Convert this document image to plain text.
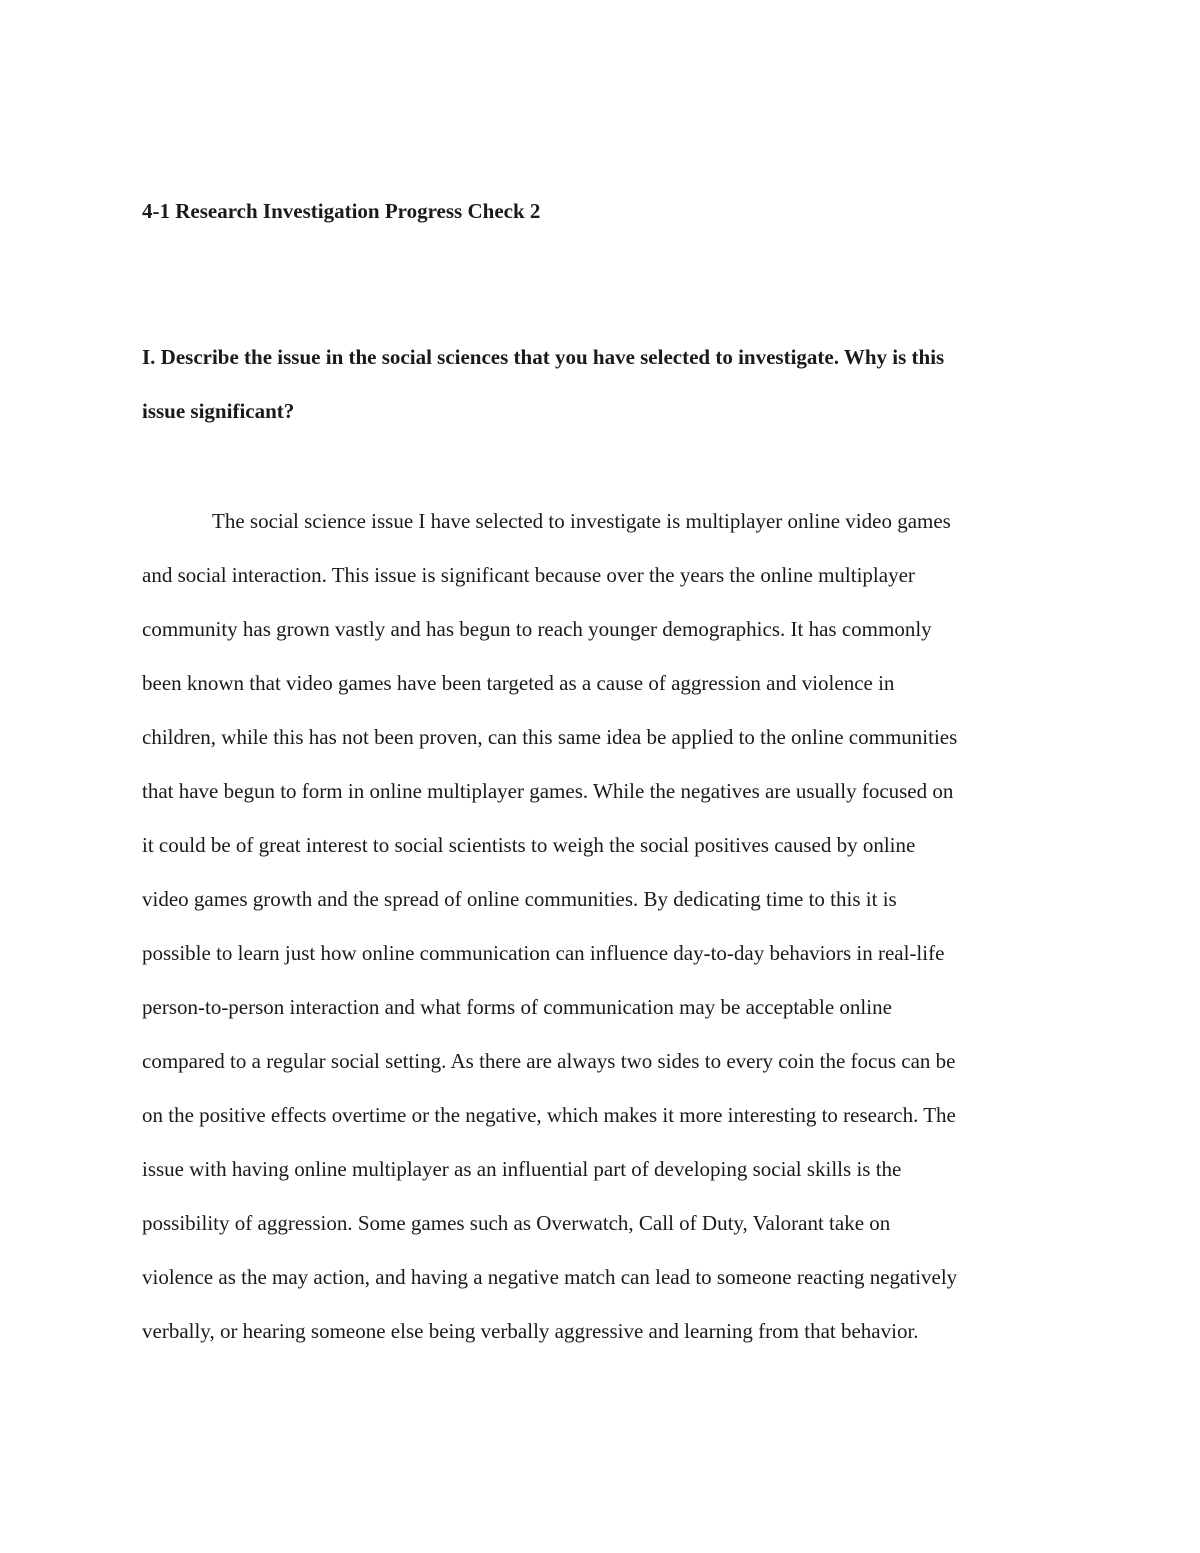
4-1 Research Investigation Progress Check 2
I. Describe the issue in the social sciences that you have selected to investigate. Why is this
issue significant?
The social science issue I have selected to investigate is multiplayer online video games
and social interaction. This issue is significant because over the years the online multiplayer
community has grown vastly and has begun to reach younger demographics. It has commonly
been known that video games have been targeted as a cause of aggression and violence in
children, while this has not been proven, can this same idea be applied to the online communities
that have begun to form in online multiplayer games. While the negatives are usually focused on
it could be of great interest to social scientists to weigh the social positives caused by online
video games growth and the spread of online communities. By dedicating time to this it is
possible to learn just how online communication can influence day-to-day behaviors in real-life
person-to-person interaction and what forms of communication may be acceptable online
compared to a regular social setting. As there are always two sides to every coin the focus can be
on the positive effects overtime or the negative, which makes it more interesting to research. The
issue with having online multiplayer as an influential part of developing social skills is the
possibility of aggression. Some games such as Overwatch, Call of Duty, Valorant take on
violence as the may action, and having a negative match can lead to someone reacting negatively
verbally, or hearing someone else being verbally aggressive and learning from that behavior.
